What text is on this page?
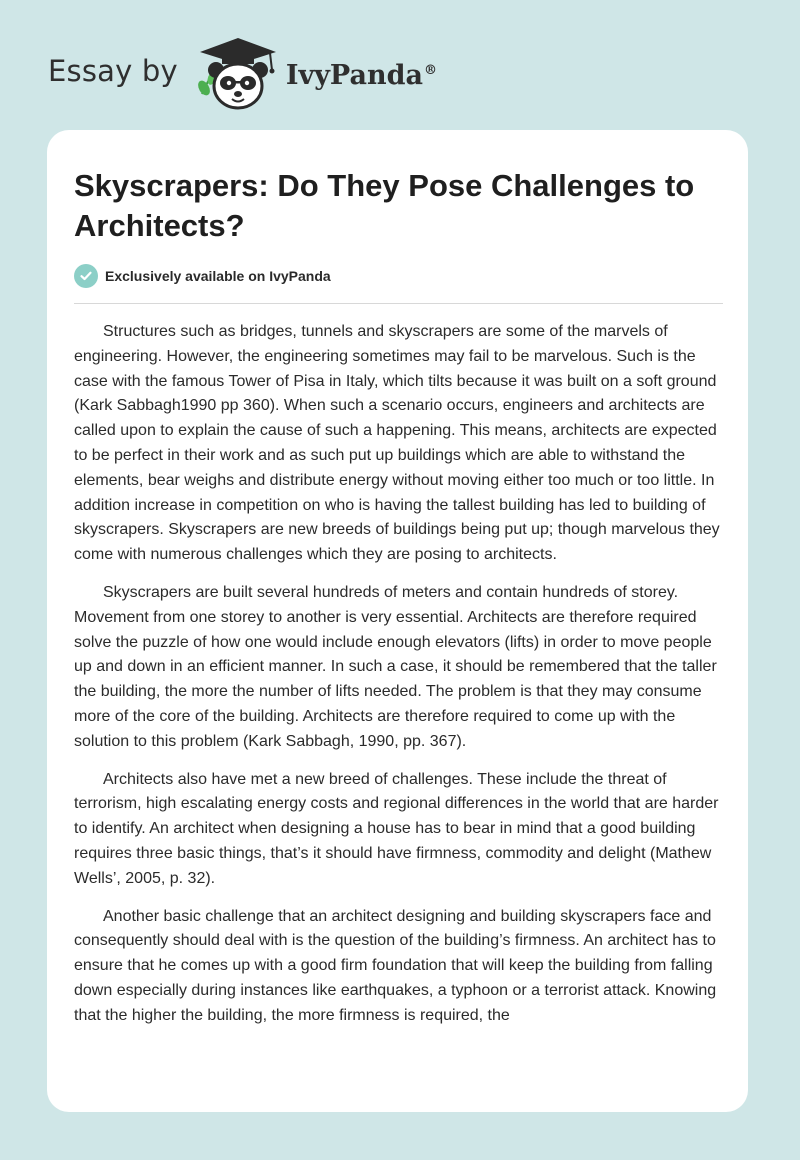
Essay by	IvyPanda®
Skyscrapers: Do They Pose Challenges to Architects?
Exclusively available on IvyPanda

Structures such as bridges, tunnels and skyscrapers are some of the marvels of engineering. However, the engineering sometimes may fail to be marvelous. Such is the case with the famous Tower of Pisa in Italy, which tilts because it was built on a soft ground (Kark Sabbagh1990 pp 360). When such a scenario occurs, engineers and architects are called upon to explain the cause of such a happening. This means, architects are expected to be perfect in their work and as such put up buildings which are able to withstand the elements, bear weighs and distribute energy without moving either too much or too little. In addition increase in competition on who is having the tallest building has led to building of skyscrapers. Skyscrapers are new breeds of buildings being put up; though marvelous they come with numerous challenges which they are posing to architects.

Skyscrapers are built several hundreds of meters and contain hundreds of storey. Movement from one storey to another is very essential. Architects are therefore required solve the puzzle of how one would include enough elevators (lifts) in order to move people up and down in an efficient manner. In such a case, it should be remembered that the taller the building, the more the number of lifts needed. The problem is that they may consume more of the core of the building. Architects are therefore required to come up with the solution to this problem (Kark Sabbagh, 1990, pp. 367).

Architects also have met a new breed of challenges. These include the threat of terrorism, high escalating energy costs and regional differences in the world that are harder to identify. An architect when designing a house has to bear in mind that a good building requires three basic things, that’s it should have firmness, commodity and delight (Mathew Wells’, 2005, p. 32).

Another basic challenge that an architect designing and building skyscrapers face and consequently should deal with is the question of the building’s firmness. An architect has to ensure that he comes up with a good firm foundation that will keep the building from falling down especially during instances like earthquakes, a typhoon or a terrorist attack. Knowing that the higher the building, the more firmness is required, the
